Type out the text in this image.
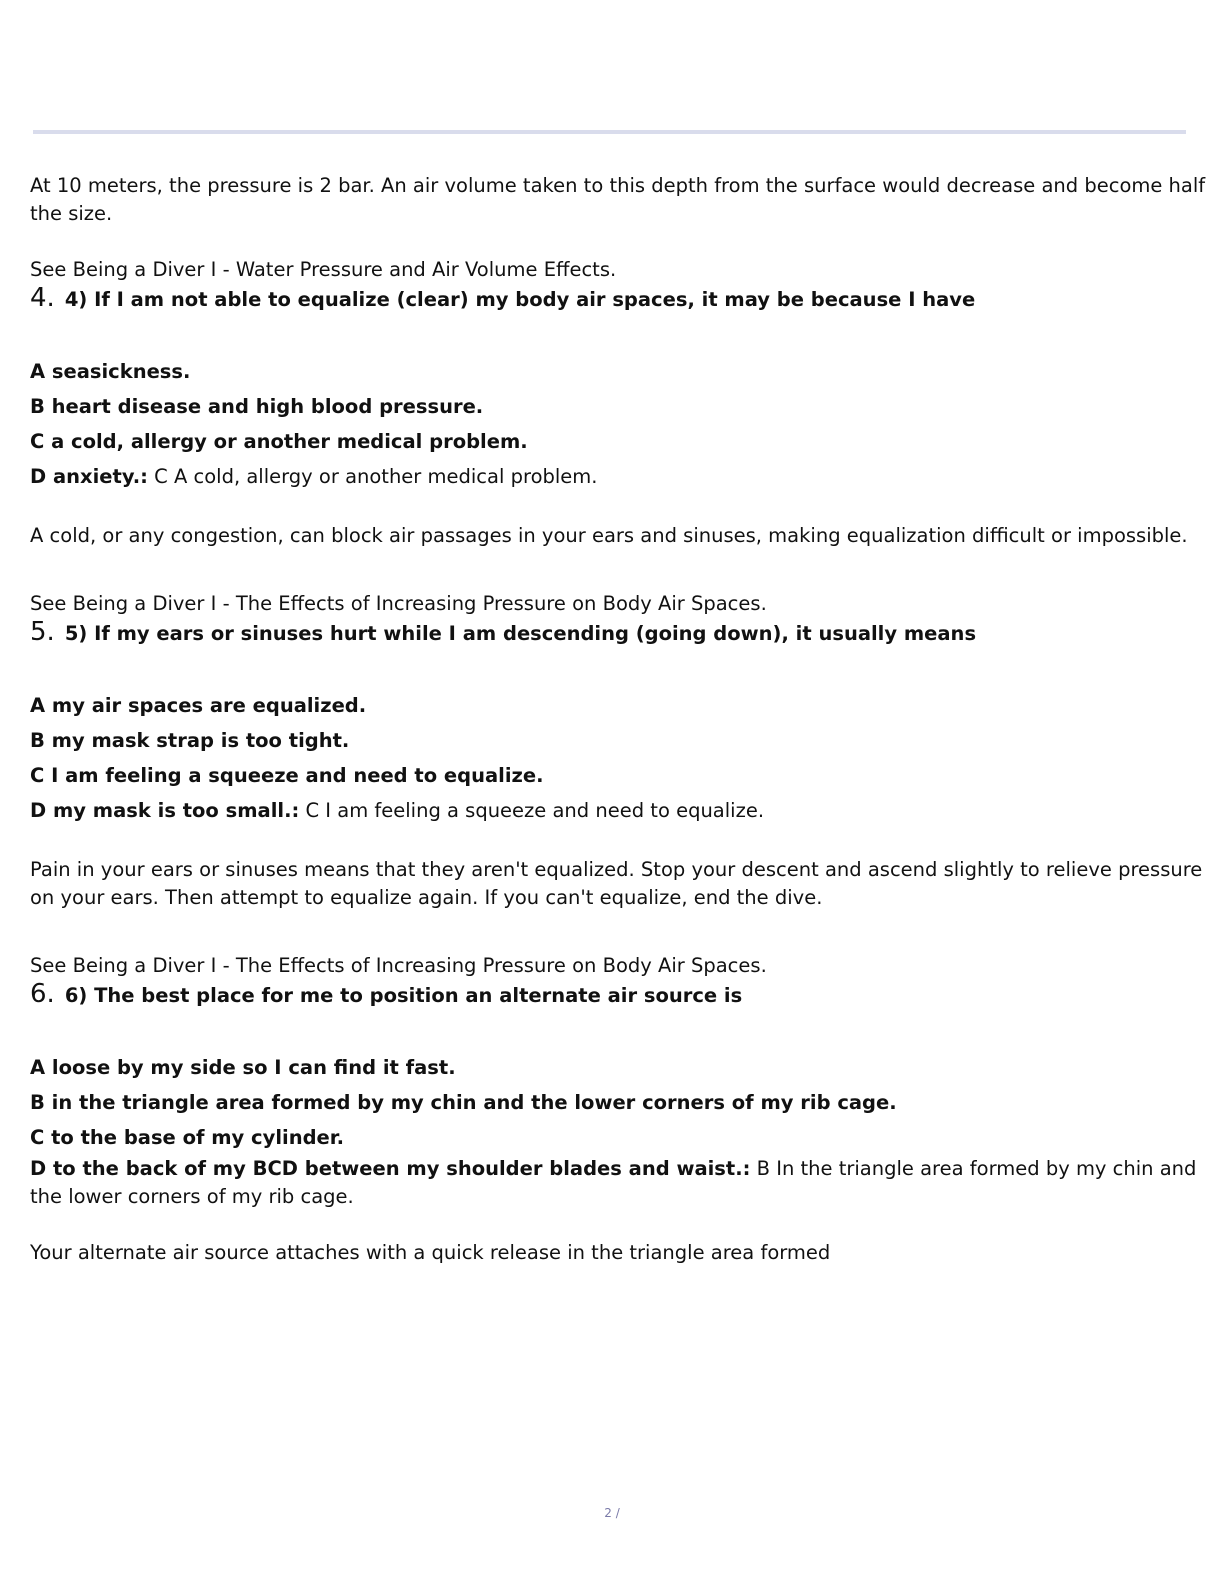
At 10 meters, the pressure is 2 bar. An air volume taken to this depth from the surface would decrease and become half the size.

See Being a Diver I - Water Pressure and Air Volume Effects.

4. 4) If I am not able to equalize (clear) my body air spaces, it may be because I have

A seasickness.

B heart disease and high blood pressure.

C a cold, allergy or another medical problem.

D anxiety.: C A cold, allergy or another medical problem.

A cold, or any congestion, can block air passages in your ears and sinuses, making equalization difficult or impossible.

See Being a Diver I - The Effects of Increasing Pressure on Body Air Spaces.

5. 5) If my ears or sinuses hurt while I am descending (going down), it usually means

A my air spaces are equalized.

B my mask strap is too tight.

C I am feeling a squeeze and need to equalize.

D my mask is too small.: C I am feeling a squeeze and need to equalize.

Pain in your ears or sinuses means that they aren't equalized. Stop your descent and ascend slightly to relieve pressure on your ears. Then attempt to equalize again. If you can't equalize, end the dive.

See Being a Diver I - The Effects of Increasing Pressure on Body Air Spaces.

6. 6) The best place for me to position an alternate air source is

A loose by my side so I can find it fast.

B in the triangle area formed by my chin and the lower corners of my rib cage.

C to the base of my cylinder.

D to the back of my BCD between my shoulder blades and waist.: B In the triangle area formed by my chin and the lower corners of my rib cage.

Your alternate air source attaches with a quick release in the triangle area formed

2 /
